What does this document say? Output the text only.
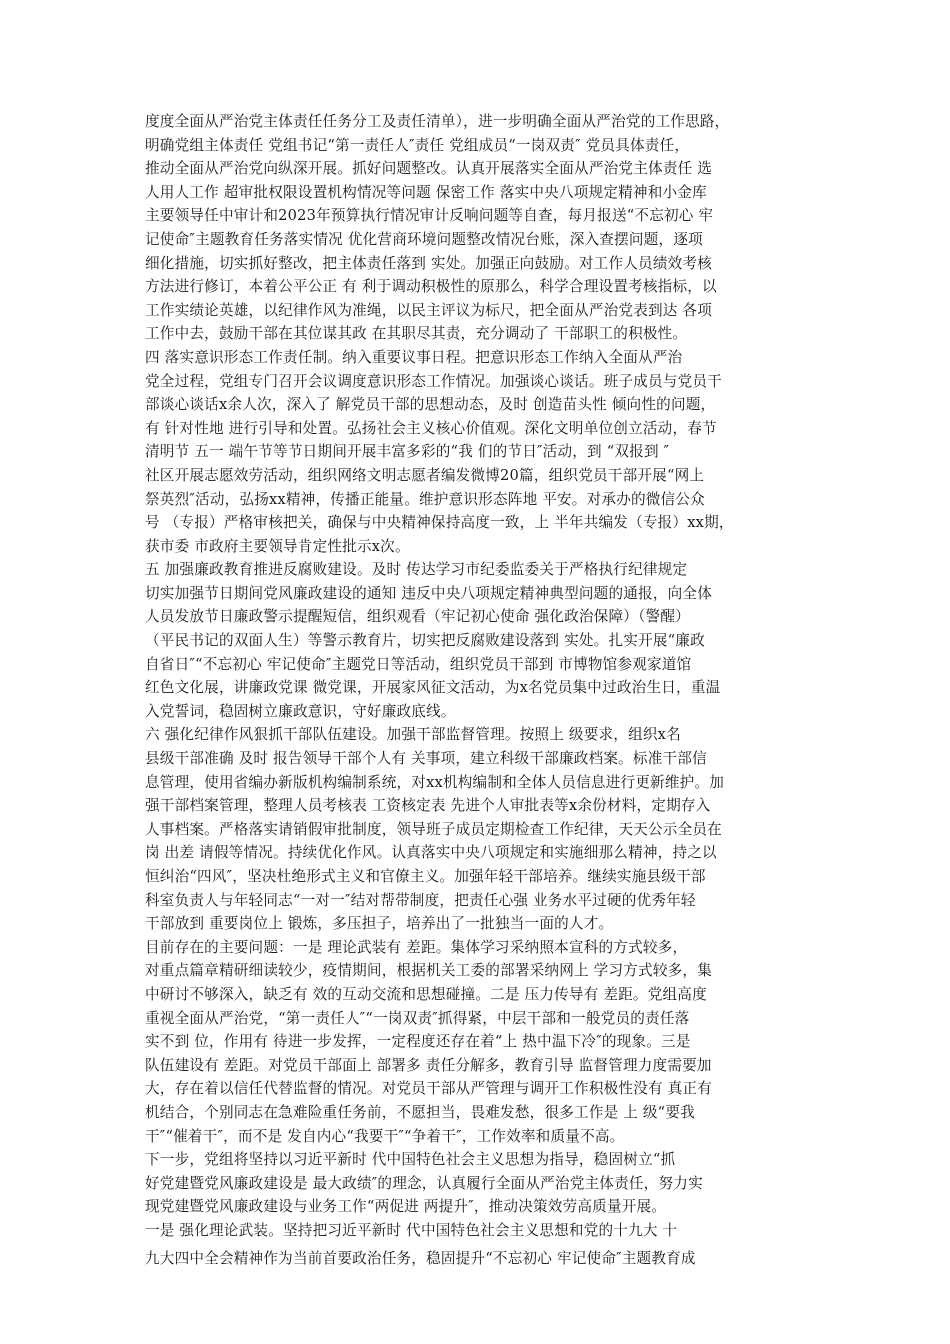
度度全面从严治党主体责任任务分工及责任清单），进一步明确全面从严治党的工作思路，
明确党组主体责任 党组书记“第一责任人″责任 党组成员“一岗双责″ 党员具体责任，
推动全面从严治党向纵深开展。抓好问题整改。认真开展落实全面从严治党主体责任 选
人用人工作 超审批权限设置机构情况等问题 保密工作 落实中央八项规定精神和小金库
主要领导任中审计和2023年预算执行情况审计反响问题等自查，每月报送“不忘初心 牢
记使命″主题教育任务落实情况 优化营商环境问题整改情况台账，深入查摆问题，逐项
细化措施，切实抓好整改，把主体责任落到 实处。加强正向鼓励。对工作人员绩效考核
方法进行修订，本着公平公正 有 利于调动积极性的原那么，科学合理设置考核指标，以
工作实绩论英雄，以纪律作风为准绳，以民主评议为标尺，把全面从严治党表到达 各项
工作中去，鼓励干部在其位谋其政 在其职尽其责，充分调动了 干部职工的积极性。
四 落实意识形态工作责任制。纳入重要议事日程。把意识形态工作纳入全面从严治
党全过程，党组专门召开会议调度意识形态工作情况。加强谈心谈话。班子成员与党员干
部谈心谈话x余人次，深入了 解党员干部的思想动态，及时 创造苗头性 倾向性的问题，
有 针对性地 进行引导和处置。弘扬社会主义核心价值观。深化文明单位创立活动，春节
清明节 五一 端午节等节日期间开展丰富多彩的“我 们的节日″活动，到 “双报到 ″
社区开展志愿效劳活动，组织网络文明志愿者编发微博20篇，组织党员干部开展“网上
祭英烈″活动，弘扬xx精神，传播正能量。维护意识形态阵地 平安。对承办的微信公众
号 （专报）严格审核把关，确保与中央精神保持高度一致，上 半年共编发（专报）xx期，
获市委 市政府主要领导肯定性批示x次。
五 加强廉政教育推进反腐败建设。及时 传达学习市纪委监委关于严格执行纪律规定
切实加强节日期间党风廉政建设的通知 违反中央八项规定精神典型问题的通报，向全体
人员发放节日廉政警示提醒短信，组织观看（牢记初心使命 强化政治保障）（警醒）
（平民书记的双面人生）等警示教育片，切实把反腐败建设落到 实处。扎实开展“廉政
自省日″“不忘初心 牢记使命″主题党日等活动，组织党员干部到 市博物馆参观家道馆
红色文化展，讲廉政党课 微党课，开展家风征文活动，为x名党员集中过政治生日，重温
入党誓词，稳固树立廉政意识，守好廉政底线。
六 强化纪律作风狠抓干部队伍建设。加强干部监督管理。按照上 级要求，组织x名
县级干部准确 及时 报告领导干部个人有 关事项，建立科级干部廉政档案。标准干部信
息管理，使用省编办新版机构编制系统，对xx机构编制和全体人员信息进行更新维护。加
强干部档案管理，整理人员考核表 工资核定表 先进个人审批表等x余份材料，定期存入
人事档案。严格落实请销假审批制度，领导班子成员定期检查工作纪律，天天公示全员在
岗 出差 请假等情况。持续优化作风。认真落实中央八项规定和实施细那么精神，持之以
恒纠治“四风″，坚决杜绝形式主义和官僚主义。加强年轻干部培养。继续实施县级干部
科室负责人与年轻同志“一对一″结对帮带制度，把责任心强 业务水平过硬的优秀年轻
干部放到 重要岗位上 锻炼，多压担子，培养出了一批独当一面的人才。
目前存在的主要问题：一是 理论武装有 差距。集体学习采纳照本宣科的方式较多，
对重点篇章精研细读较少，疫情期间，根据机关工委的部署采纳网上 学习方式较多，集
中研讨不够深入，缺乏有 效的互动交流和思想碰撞。二是 压力传导有 差距。党组高度
重视全面从严治党，“第一责任人″“一岗双责″抓得紧，中层干部和一般党员的责任落
实不到 位，作用有 待进一步发挥，一定程度还存在着“上 热中温下冷″的现象。三是
队伍建设有 差距。对党员干部面上 部署多 责任分解多，教育引导 监督管理力度需要加
大，存在着以信任代替监督的情况。对党员干部从严管理与调开工作积极性没有 真正有
机结合，个别同志在急难险重任务前，不愿担当，畏难发愁，很多工作是 上 级“要我
干″“催着干″，而不是 发自内心“我要干″“争着干″，工作效率和质量不高。
下一步，党组将坚持以习近平新时 代中国特色社会主义思想为指导，稳固树立“抓
好党建暨党风廉政建设是 最大政绩″的理念，认真履行全面从严治党主体责任，努力实
现党建暨党风廉政建设与业务工作“两促进 两提升″，推动决策效劳高质量开展。
一是 强化理论武装。坚持把习近平新时 代中国特色社会主义思想和党的十九大 十
九大四中全会精神作为当前首要政治任务，稳固提升“不忘初心 牢记使命″主题教育成
